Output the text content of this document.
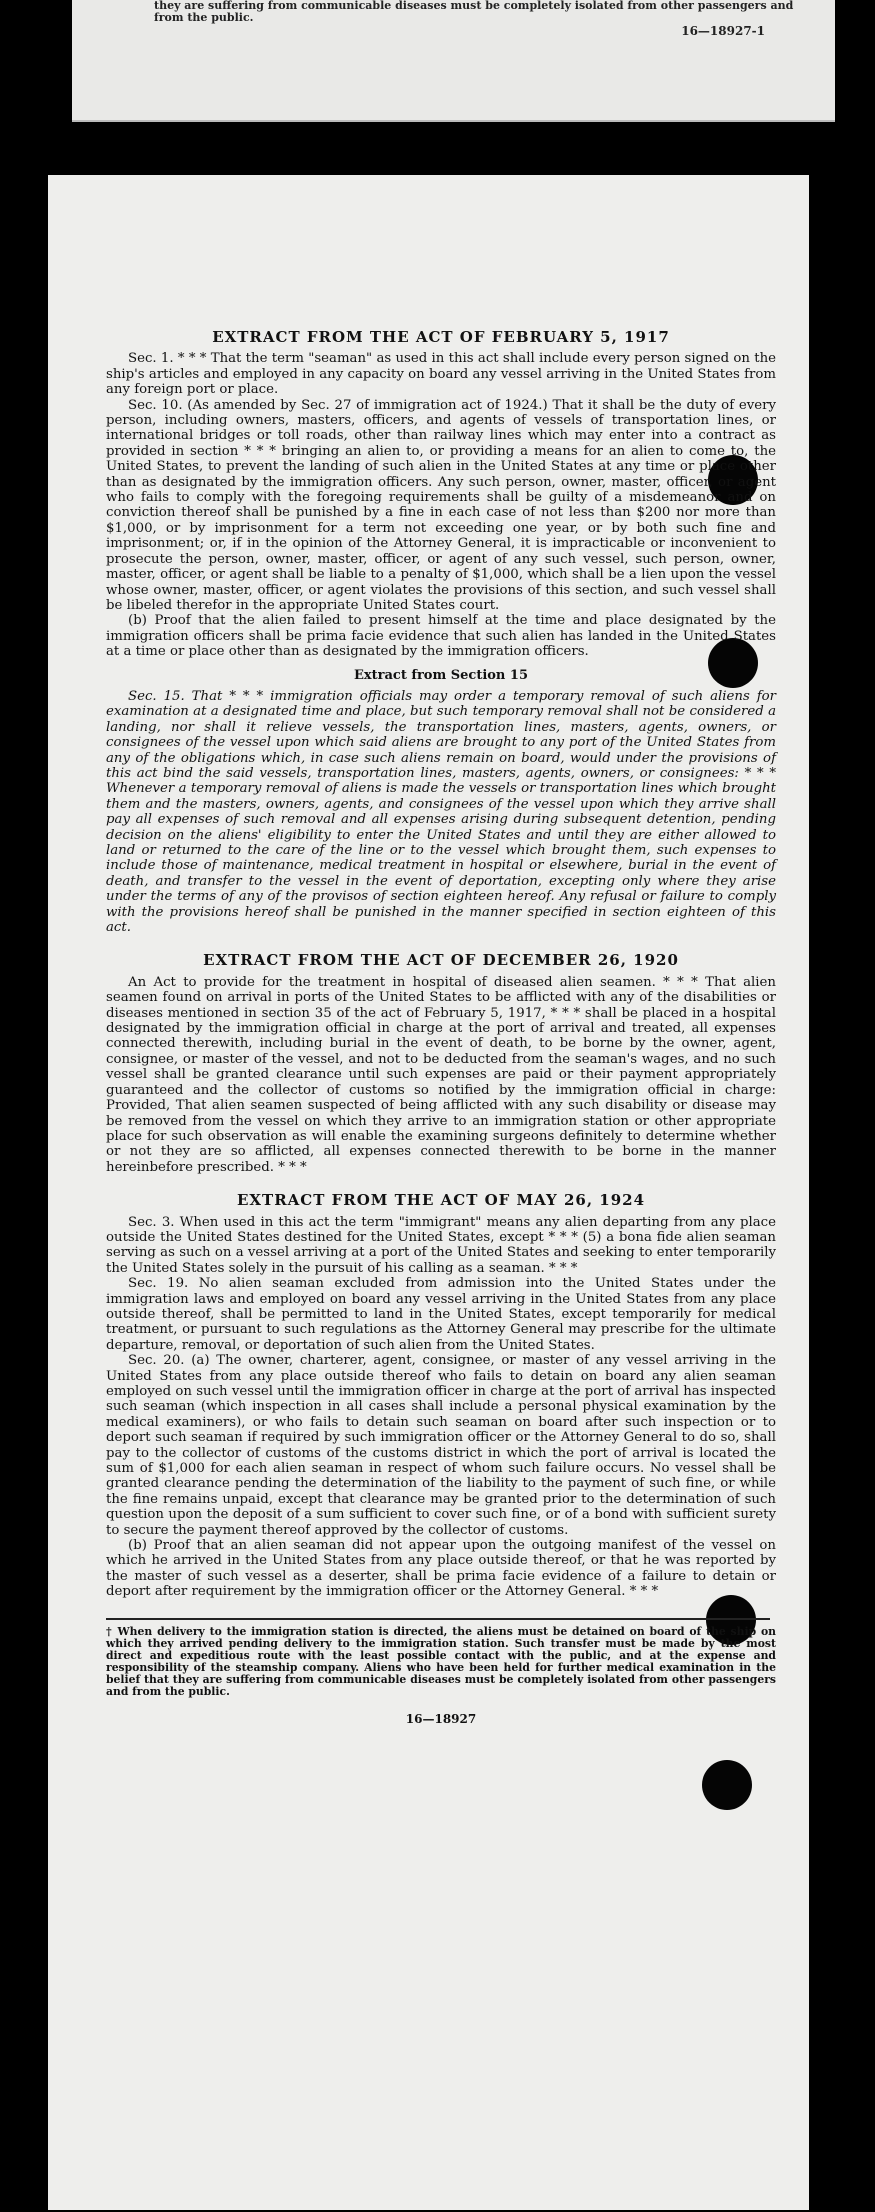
they are suffering from communicable diseases must be completely isolated from other passengers and from the public.
16—18927-1
EXTRACT FROM THE ACT OF FEBRUARY 5, 1917

Sec. 1. * * * That the term "seaman" as used in this act shall include every person signed on the ship's articles and employed in any capacity on board any vessel arriving in the United States from any foreign port or place.

Sec. 10. (As amended by Sec. 27 of immigration act of 1924.) That it shall be the duty of every person, including owners, masters, officers, and agents of vessels of transportation lines, or international bridges or toll roads, other than railway lines which may enter into a contract as provided in section * * * bringing an alien to, or providing a means for an alien to come to, the United States, to prevent the landing of such alien in the United States at any time or place other than as designated by the immigration officers. Any such person, owner, master, officer, or agent who fails to comply with the foregoing requirements shall be guilty of a misdemeanor and on conviction thereof shall be punished by a fine in each case of not less than $200 nor more than $1,000, or by imprisonment for a term not exceeding one year, or by both such fine and imprisonment; or, if in the opinion of the Attorney General, it is impracticable or inconvenient to prosecute the person, owner, master, officer, or agent of any such vessel, such person, owner, master, officer, or agent shall be liable to a penalty of $1,000, which shall be a lien upon the vessel whose owner, master, officer, or agent violates the provisions of this section, and such vessel shall be libeled therefor in the appropriate United States court.

(b) Proof that the alien failed to present himself at the time and place designated by the immigration officers shall be prima facie evidence that such alien has landed in the United States at a time or place other than as designated by the immigration officers.

Extract from Section 15

Sec. 15. That * * * immigration officials may order a temporary removal of such aliens for examination at a designated time and place, but such temporary removal shall not be considered a landing, nor shall it relieve vessels, the transportation lines, masters, agents, owners, or consignees of the vessel upon which said aliens are brought to any port of the United States from any of the obligations which, in case such aliens remain on board, would under the provisions of this act bind the said vessels, transportation lines, masters, agents, owners, or consignees: * * * Whenever a temporary removal of aliens is made the vessels or transportation lines which brought them and the masters, owners, agents, and consignees of the vessel upon which they arrive shall pay all expenses of such removal and all expenses arising during subsequent detention, pending decision on the aliens' eligibility to enter the United States and until they are either allowed to land or returned to the care of the line or to the vessel which brought them, such expenses to include those of maintenance, medical treatment in hospital or elsewhere, burial in the event of death, and transfer to the vessel in the event of deportation, excepting only where they arise under the terms of any of the provisos of section eighteen hereof. Any refusal or failure to comply with the provisions hereof shall be punished in the manner specified in section eighteen of this act.

EXTRACT FROM THE ACT OF DECEMBER 26, 1920

An Act to provide for the treatment in hospital of diseased alien seamen. * * * That alien seamen found on arrival in ports of the United States to be afflicted with any of the disabilities or diseases mentioned in section 35 of the act of February 5, 1917, * * * shall be placed in a hospital designated by the immigration official in charge at the port of arrival and treated, all expenses connected therewith, including burial in the event of death, to be borne by the owner, agent, consignee, or master of the vessel, and not to be deducted from the seaman's wages, and no such vessel shall be granted clearance until such expenses are paid or their payment appropriately guaranteed and the collector of customs so notified by the immigration official in charge: Provided, That alien seamen suspected of being afflicted with any such disability or disease may be removed from the vessel on which they arrive to an immigration station or other appropriate place for such observation as will enable the examining surgeons definitely to determine whether or not they are so afflicted, all expenses connected therewith to be borne in the manner hereinbefore prescribed. * * *

EXTRACT FROM THE ACT OF MAY 26, 1924

Sec. 3. When used in this act the term "immigrant" means any alien departing from any place outside the United States destined for the United States, except * * * (5) a bona fide alien seaman serving as such on a vessel arriving at a port of the United States and seeking to enter temporarily the United States solely in the pursuit of his calling as a seaman. * * *

Sec. 19. No alien seaman excluded from admission into the United States under the immigration laws and employed on board any vessel arriving in the United States from any place outside thereof, shall be permitted to land in the United States, except temporarily for medical treatment, or pursuant to such regulations as the Attorney General may prescribe for the ultimate departure, removal, or deportation of such alien from the United States.

Sec. 20. (a) The owner, charterer, agent, consignee, or master of any vessel arriving in the United States from any place outside thereof who fails to detain on board any alien seaman employed on such vessel until the immigration officer in charge at the port of arrival has inspected such seaman (which inspection in all cases shall include a personal physical examination by the medical examiners), or who fails to detain such seaman on board after such inspection or to deport such seaman if required by such immigration officer or the Attorney General to do so, shall pay to the collector of customs of the customs district in which the port of arrival is located the sum of $1,000 for each alien seaman in respect of whom such failure occurs. No vessel shall be granted clearance pending the determination of the liability to the payment of such fine, or while the fine remains unpaid, except that clearance may be granted prior to the determination of such question upon the deposit of a sum sufficient to cover such fine, or of a bond with sufficient surety to secure the payment thereof approved by the collector of customs.

(b) Proof that an alien seaman did not appear upon the outgoing manifest of the vessel on which he arrived in the United States from any place outside thereof, or that he was reported by the master of such vessel as a deserter, shall be prima facie evidence of a failure to detain or deport after requirement by the immigration officer or the Attorney General. * * *

† When delivery to the immigration station is directed, the aliens must be detained on board of the ship on which they arrived pending delivery to the immigration station. Such transfer must be made by the most direct and expeditious route with the least possible contact with the public, and at the expense and responsibility of the steamship company. Aliens who have been held for further medical examination in the belief that they are suffering from communicable diseases must be completely isolated from other passengers and from the public.
16—18927
